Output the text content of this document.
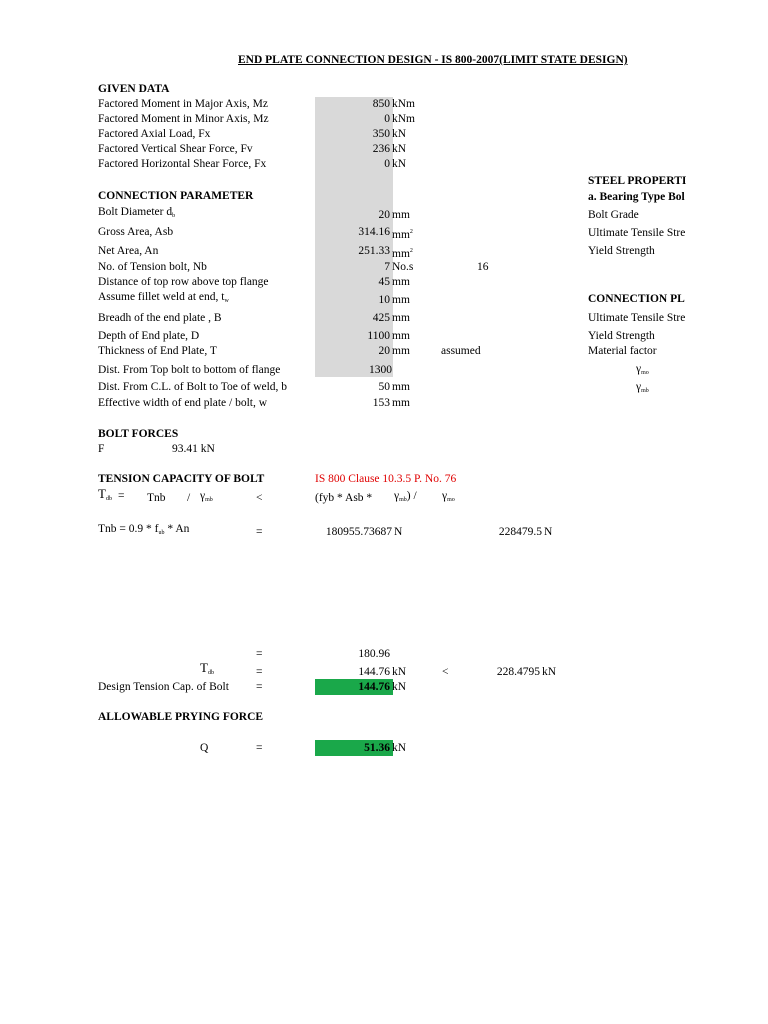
END PLATE CONNECTION DESIGN - IS 800-2007(LIMIT STATE DESIGN)
GIVEN DATA
Factored Moment in Major Axis, Mz	850 kNm
Factored Moment in Minor Axis, Mz	0 kNm
Factored Axial Load, Fx	350 kN
Factored Vertical Shear Force, Fv	236 kN
Factored Horizontal Shear Force, Fx	0 kN
CONNECTION PARAMETER
Bolt Diameter $d_b$	20 mm
Gross Area, Asb	314.16 $mm^2$
Net Area, An	251.33 $mm^2$
No. of Tension bolt, Nb	7 No.s	16
Distance of top row above top flange	45 mm
Assume fillet weld at end, $t_w$	10 mm
Breadh of the end plate , B	425 mm
Depth of End plate, D	1100 mm
Thickness of End Plate, T	20 mm	assumed
Dist. From Top bolt to bottom of flange	1300
Dist. From C.L. of Bolt to Toe of weld, b	50 mm
Effective width of end plate / bolt, w	153 mm
STEEL PROPERTI
a. Bearing Type Bol
Bolt Grade
Ultimate Tensile Stre
Yield Strength
CONNECTION PL
Ultimate Tensile Stre
Yield Strength
Material factor
$\gamma_{mo}$
$\gamma_{mb}$
BOLT FORCES
F	93.41 kN
TENSION CAPACITY OF BOLT	IS 800 Clause 10.3.5 P. No. 76
$T_{db}$ = Tnb / $\gamma_{mb}$	<	(fyb * Asb * $\gamma_{mb}) / \gamma_{mo}$
Tnb = $0.9 * f_{ub}$ * An	=	180955.73687 N	228479.5 N
=	180.96
$T_{db}$	=	144.76 kN	<	228.4795 kN
Design Tension Cap. of Bolt =	144.76 kN
ALLOWABLE PRYING FORCE
Q	=	51.36 kN
